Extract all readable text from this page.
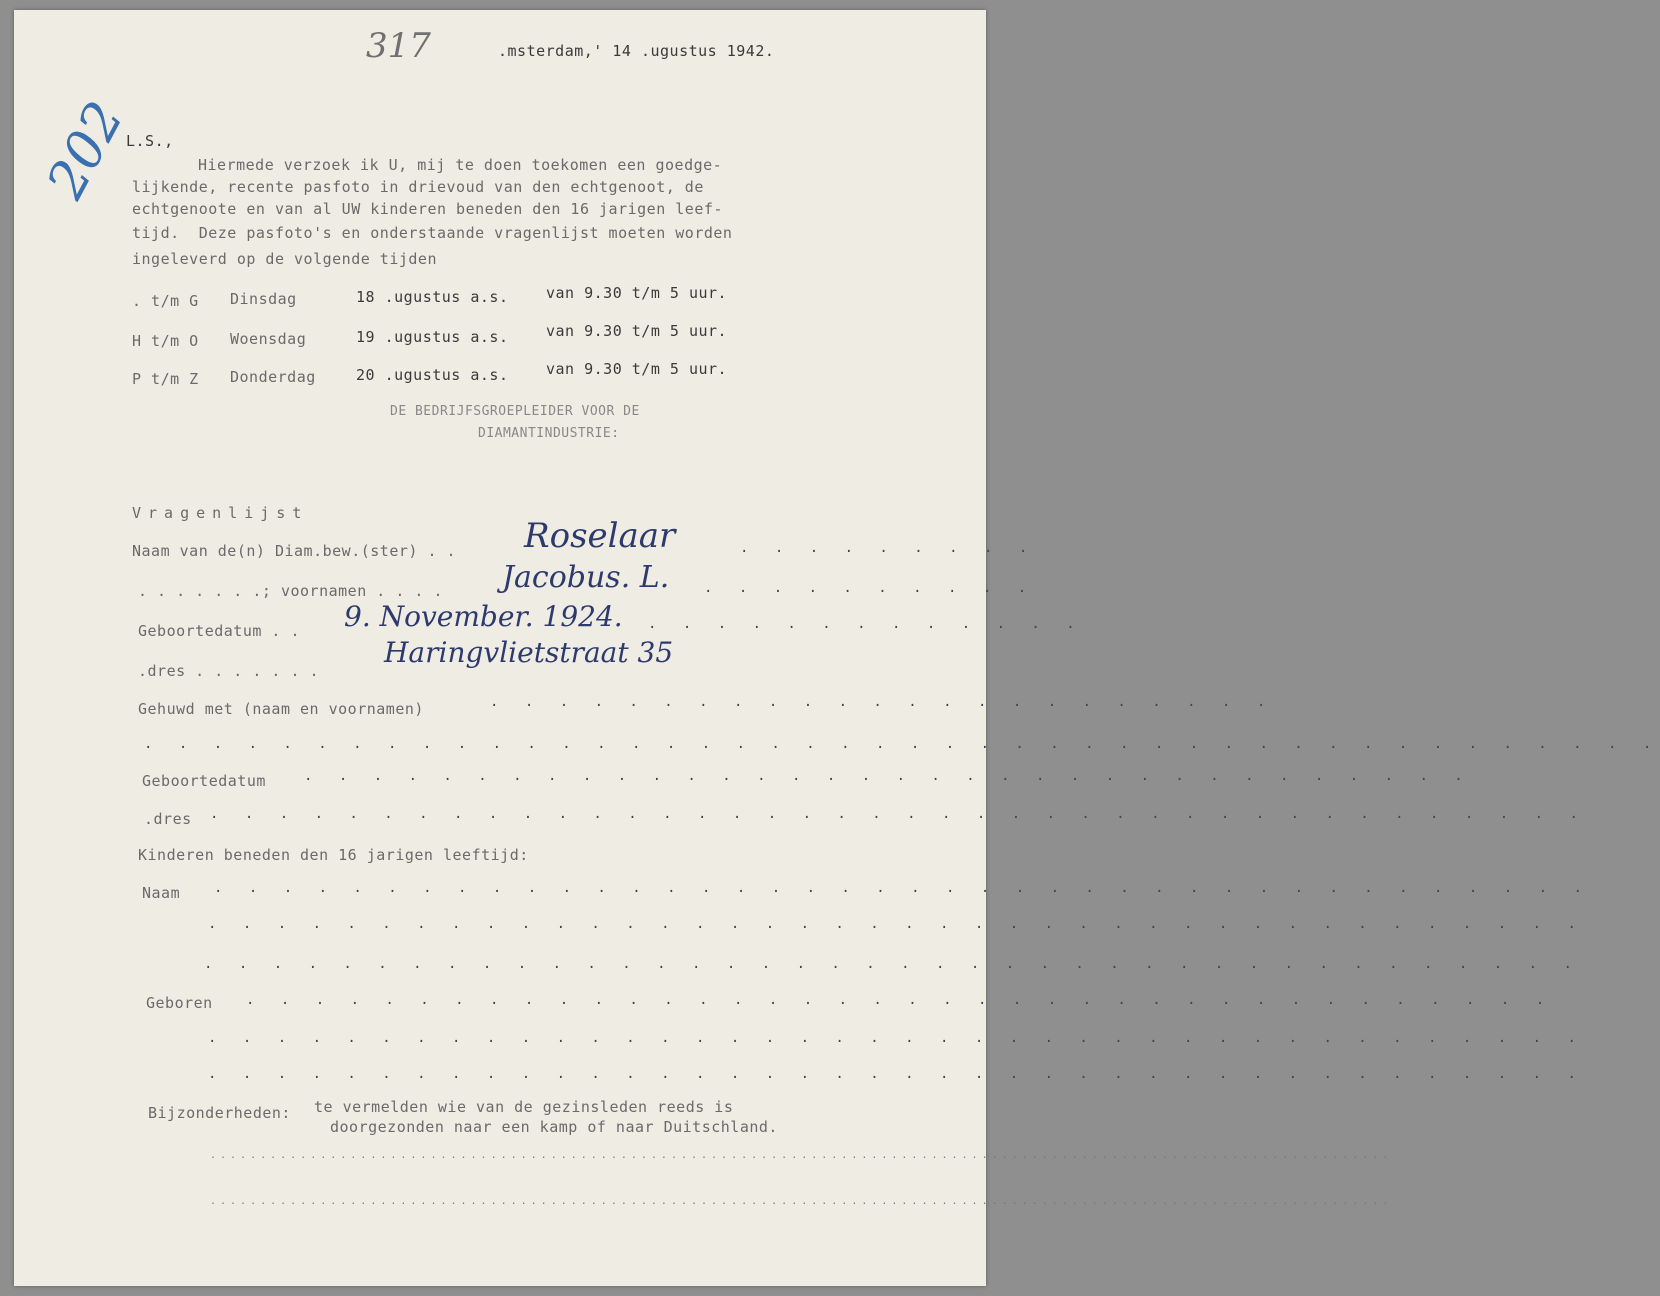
317
202
.msterdam,' 14 .ugustus 1942.
L.S.,
Hiermede verzoek ik U, mij te doen toekomen een goedge-
lijkende, recente pasfoto in drievoud van den echtgenoot, de
echtgenoote en van al UW kinderen beneden den 16 jarigen leef-
tijd.  Deze pasfoto's en onderstaande vragenlijst moeten worden
ingeleverd op de volgende tijden
. t/m G Dinsdag	18 .ugustus a.s.	van 9.30 t/m 5 uur.
H t/m O Woensdag	19 .ugustus a.s.	van 9.30 t/m 5 uur.
P t/m Z Donderdag	20 .ugustus a.s.	van 9.30 t/m 5 uur.
DE BEDRIJFSGROEPLEIDER VOOR DE
DIAMANTINDUSTRIE:
Vragenlijst
Naam van de(n) Diam.bew.(ster) . . Roselaar	. . . . . . . . .
. . . . . . .; voornamen . . . . Jacobus. L. . . . . . . . . . .
Geboortedatum . . 9. November. 1924. . . . . . . . . . . . . .
.dres . . . . . . .
Haringvlietstraat 35
Gehuwd met (naam en voornamen)	. . . . . . . . . . . . . . . . . . . . . . .
. . . . . . . . . . . . . . . . . . . . . . . . . . . . . . . . . . . . . . . . . . . .
Geboortedatum	. . . . . . . . . . . . . . . . . . . . . . . . . . . . . . . . . .
.dres . . . . . . . . . . . . . . . . . . . . . . . . . . . . . . . . . . . . . . . .
Kinderen beneden den 16 jarigen leeftijd:
Naam . . . . . . . . . . . . . . . . . . . . . . . . . . . . . . . . . . . . . . . .
. . . . . . . . . . . . . . . . . . . . . . . . . . . . . . . . . . . . . . . .
. . . . . . . . . . . . . . . . . . . . . . . . . . . . . . . . . . . . . . . .
Geboren . . . . . . . . . . . . . . . . . . . . . . . . . . . . . . . . . . . . . .
. . . . . . . . . . . . . . . . . . . . . . . . . . . . . . . . . . . . . . . .
. . . . . . . . . . . . . . . . . . . . . . . . . . . . . . . . . . . . . . . .
Bijzonderheden: te vermelden wie van de gezinsleden reeds is
doorgezonden naar een kamp of naar Duitschland.
......................................................................................................................
......................................................................................................................
